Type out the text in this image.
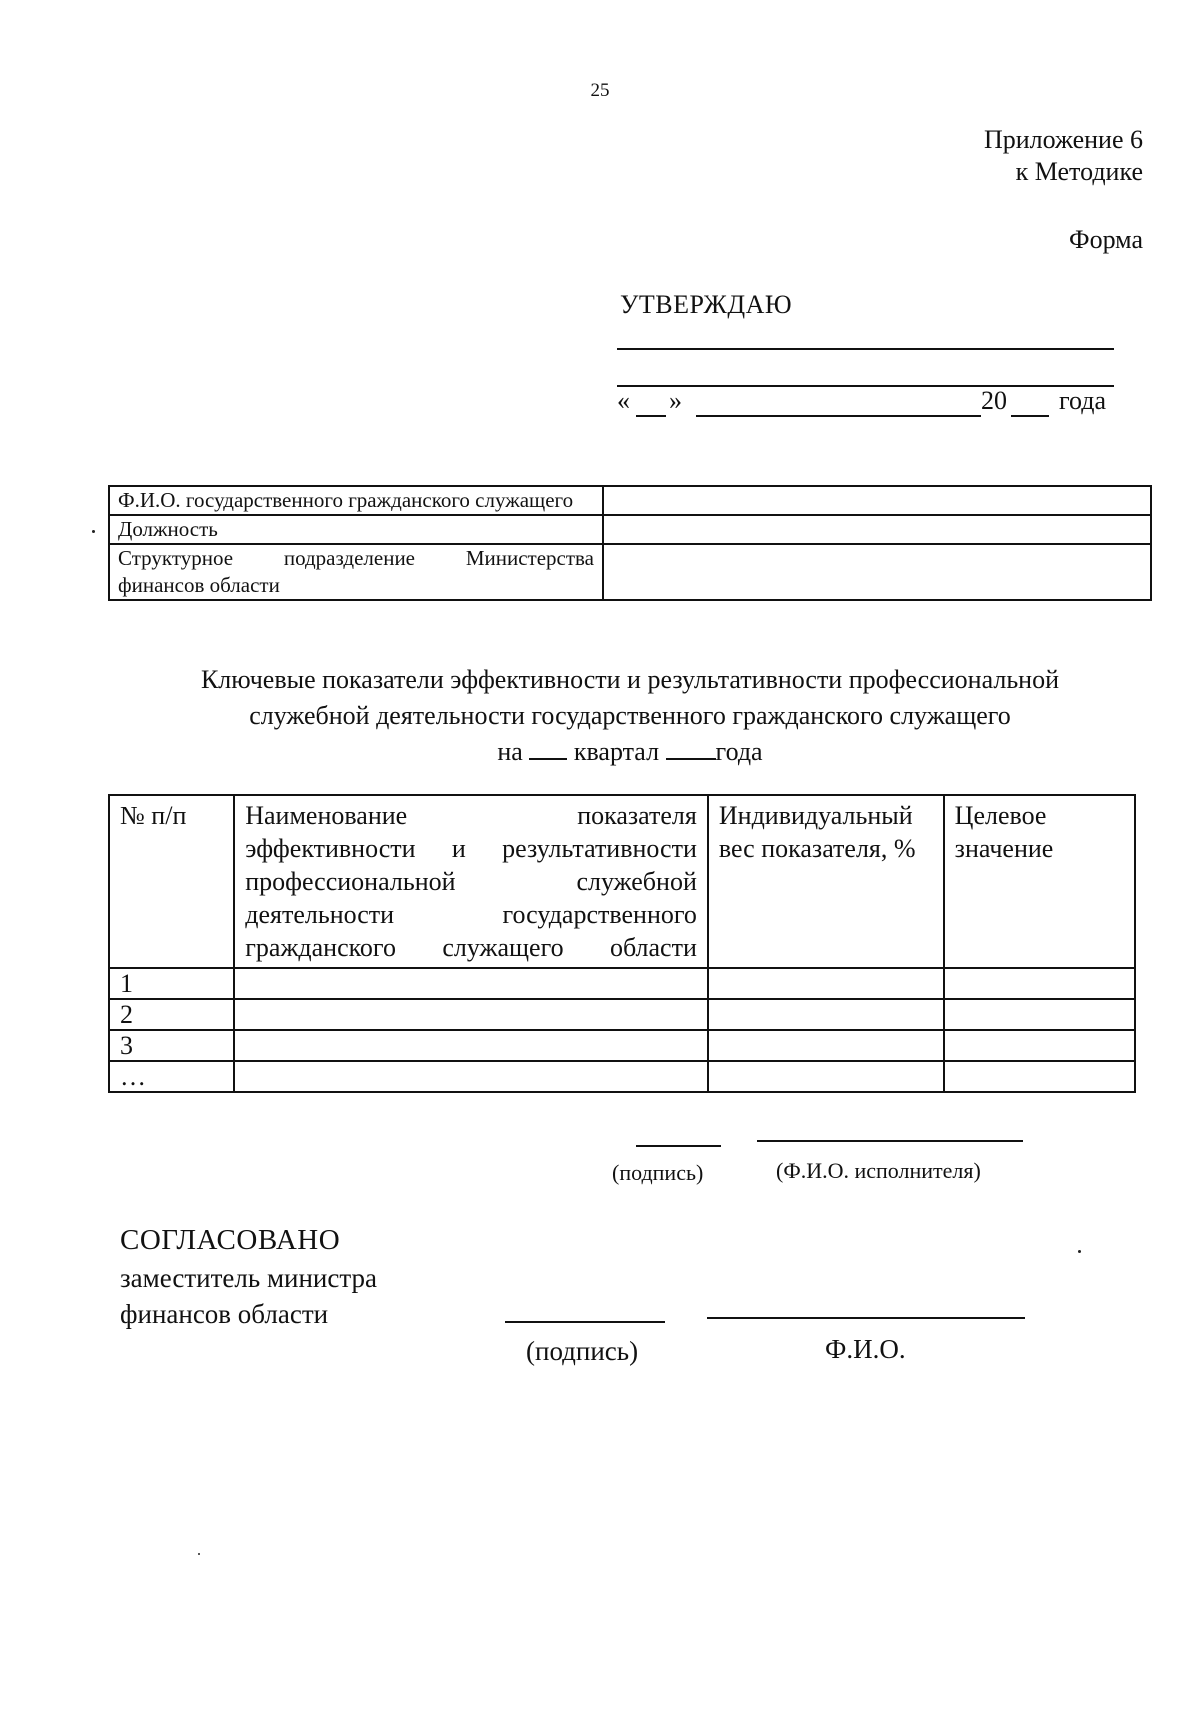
25
Приложение 6
к Методике
Форма
УТВЕРЖДАЮ
« »	20 года
Ф.И.О. государственного гражданского служащего	
Должность	
Структурное подразделение Министерства финансов области	
Ключевые показатели эффективности и результативности профессиональной
служебной деятельности государственного гражданского служащего
на квартал года
№ п/п	Наименование показателя эффективности и результативности профессиональной служебной деятельности государственного гражданского служащего области	Индивидуальный вес показателя, %	Целевое значение
1			
2			
3			
…			
(подпись)	(Ф.И.О. исполнителя)
СОГЛАСОВАНО
заместитель министра
финансов области
(подпись)	Ф.И.О.
